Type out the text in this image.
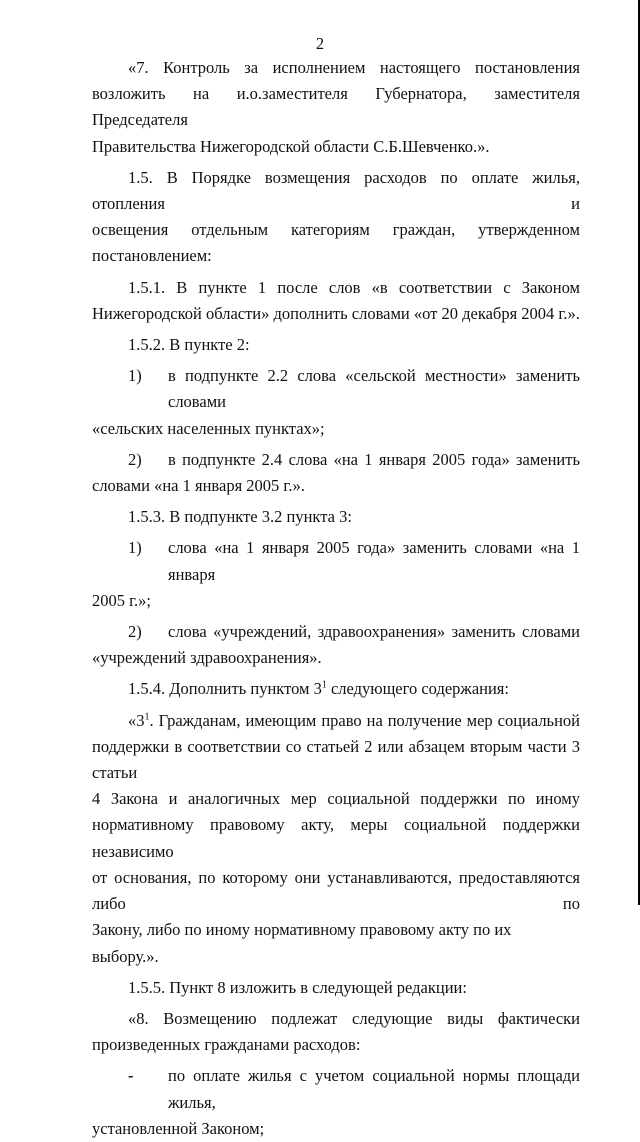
2
«7. Контроль за исполнением настоящего постановления
возложить на и.о.заместителя Губернатора, заместителя Председателя
Правительства Нижегородской области С.Б.Шевченко.».
1.5. В Порядке возмещения расходов по оплате жилья, отопления и
освещения отдельным категориям граждан, утвержденном
постановлением:
1.5.1. В пункте 1 после слов «в соответствии с Законом
Нижегородской области» дополнить словами «от 20 декабря 2004 г.».
1.5.2. В пункте 2:
1)	в подпункте 2.2 слова «сельской местности» заменить словами
«сельских населенных пунктах»;
2)	в подпункте 2.4 слова «на 1 января 2005 года» заменить
словами «на 1 января 2005 г.».
1.5.3. В подпункте 3.2 пункта 3:
1)	слова «на 1 января 2005 года» заменить словами «на 1 января
2005 г.»;
2)	слова «учреждений, здравоохранения» заменить словами
«учреждений здравоохранения».
1.5.4. Дополнить пунктом $3^1$ следующего содержания:
«$3^1$. Гражданам, имеющим право на получение мер социальной
поддержки в соответствии со статьей 2 или абзацем вторым части 3 статьи
4 Закона и аналогичных мер социальной поддержки по иному
нормативному правовому акту, меры социальной поддержки независимо
от основания, по которому они устанавливаются, предоставляются либо по
Закону, либо по иному нормативному правовому акту по их выбору.».
1.5.5. Пункт 8 изложить в следующей редакции:
«8. Возмещению подлежат следующие виды фактически
произведенных гражданами расходов:
-	по оплате жилья с учетом социальной нормы площади жилья,
установленной Законом;
